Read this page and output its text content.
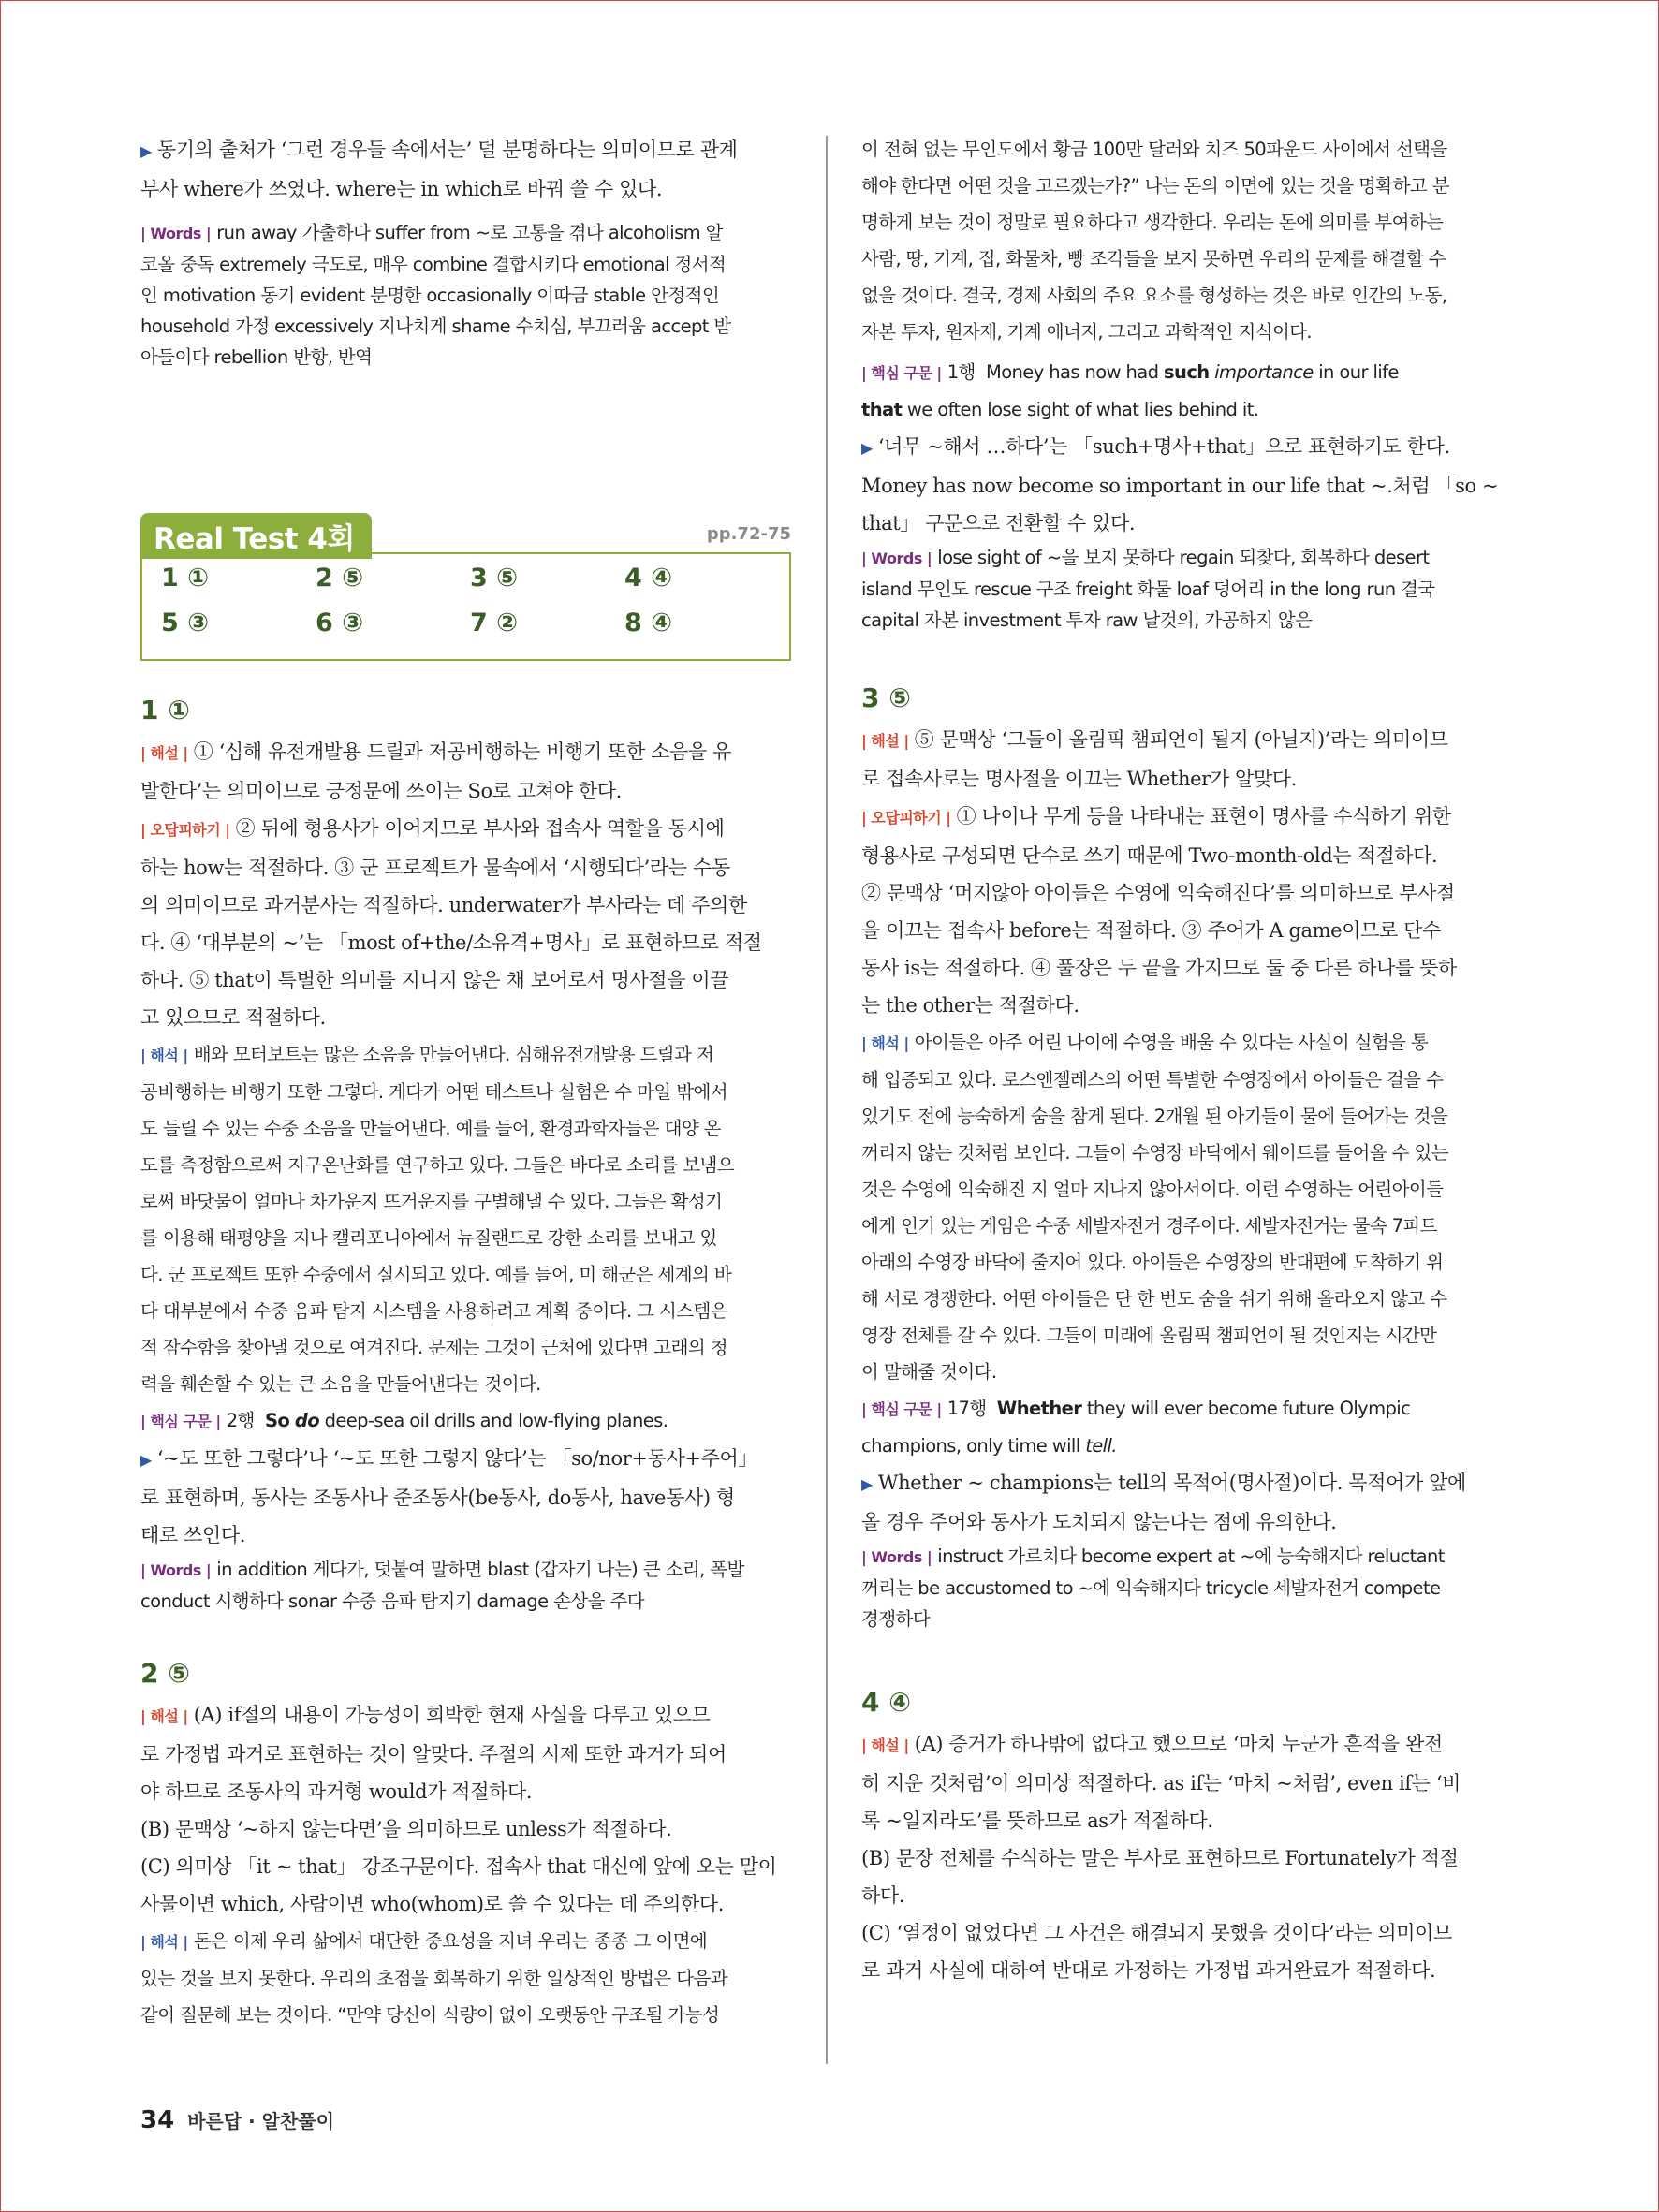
▶ 동기의 출처가 ‘그런 경우들 속에서는’ 덜 분명하다는 의미이므로 관계

부사 where가 쓰였다. where는 in which로 바꿔 쓸 수 있다.

| Words | run away 가출하다 suffer from ~로 고통을 겪다 alcoholism 알

코올 중독 extremely 극도로, 매우 combine 결합시키다 emotional 정서적

인 motivation 동기 evident 분명한 occasionally 이따금 stable 안정적인

household 가정 excessively 지나치게 shame 수치심, 부끄러움 accept 받

아들이다 rebellion 반항, 반역

Real Test 4회	pp.72-75
1 ①	2 ⑤	3 ⑤	4 ④
5 ③	6 ③	7 ②	8 ④
1 ①

| 해설 | ① ‘심해 유전개발용 드릴과 저공비행하는 비행기 또한 소음을 유

발한다’는 의미이므로 긍정문에 쓰이는 So로 고쳐야 한다.

| 오답피하기 | ② 뒤에 형용사가 이어지므로 부사와 접속사 역할을 동시에

하는 how는 적절하다. ③ 군 프로젝트가 물속에서 ‘시행되다’라는 수동

의 의미이므로 과거분사는 적절하다. underwater가 부사라는 데 주의한

다. ④ ‘대부분의 ~’는 「most of+the/소유격+명사」로 표현하므로 적절

하다. ⑤ that이 특별한 의미를 지니지 않은 채 보어로서 명사절을 이끌

고 있으므로 적절하다.

| 해석 | 배와 모터보트는 많은 소음을 만들어낸다. 심해유전개발용 드릴과 저

공비행하는 비행기 또한 그렇다. 게다가 어떤 테스트나 실험은 수 마일 밖에서

도 들릴 수 있는 수중 소음을 만들어낸다. 예를 들어, 환경과학자들은 대양 온

도를 측정함으로써 지구온난화를 연구하고 있다. 그들은 바다로 소리를 보냄으

로써 바닷물이 얼마나 차가운지 뜨거운지를 구별해낼 수 있다. 그들은 확성기

를 이용해 태평양을 지나 캘리포니아에서 뉴질랜드로 강한 소리를 보내고 있

다. 군 프로젝트 또한 수중에서 실시되고 있다. 예를 들어, 미 해군은 세계의 바

다 대부분에서 수중 음파 탐지 시스템을 사용하려고 계획 중이다. 그 시스템은

적 잠수함을 찾아낼 것으로 여겨진다. 문제는 그것이 근처에 있다면 고래의 청

력을 훼손할 수 있는 큰 소음을 만들어낸다는 것이다.

| 핵심 구문 | 2행 So do deep-sea oil drills and low-flying planes.

▶ ‘~도 또한 그렇다’나 ‘~도 또한 그렇지 않다’는 「so/nor+동사+주어」

로 표현하며, 동사는 조동사나 준조동사(be동사, do동사, have동사) 형

태로 쓰인다.

| Words | in addition 게다가, 덧붙여 말하면 blast (갑자기 나는) 큰 소리, 폭발

conduct 시행하다 sonar 수중 음파 탐지기 damage 손상을 주다

2 ⑤

| 해설 | (A) if절의 내용이 가능성이 희박한 현재 사실을 다루고 있으므

로 가정법 과거로 표현하는 것이 알맞다. 주절의 시제 또한 과거가 되어

야 하므로 조동사의 과거형 would가 적절하다.

(B) 문맥상 ‘~하지 않는다면’을 의미하므로 unless가 적절하다.

(C) 의미상 「it ~ that」 강조구문이다. 접속사 that 대신에 앞에 오는 말이

사물이면 which, 사람이면 who(whom)로 쓸 수 있다는 데 주의한다.

| 해석 | 돈은 이제 우리 삶에서 대단한 중요성을 지녀 우리는 종종 그 이면에

있는 것을 보지 못한다. 우리의 초점을 회복하기 위한 일상적인 방법은 다음과

같이 질문해 보는 것이다. “만약 당신이 식량이 없이 오랫동안 구조될 가능성

이 전혀 없는 무인도에서 황금 100만 달러와 치즈 50파운드 사이에서 선택을

해야 한다면 어떤 것을 고르겠는가?” 나는 돈의 이면에 있는 것을 명확하고 분

명하게 보는 것이 정말로 필요하다고 생각한다. 우리는 돈에 의미를 부여하는

사람, 땅, 기계, 집, 화물차, 빵 조각들을 보지 못하면 우리의 문제를 해결할 수

없을 것이다. 결국, 경제 사회의 주요 요소를 형성하는 것은 바로 인간의 노동,

자본 투자, 원자재, 기계 에너지, 그리고 과학적인 지식이다.

| 핵심 구문 | 1행 Money has now had such importance in our life

that we often lose sight of what lies behind it.

▶ ‘너무 ~해서 …하다’는 「such+명사+that」으로 표현하기도 한다.

Money has now become so important in our life that ~.처럼 「so ~

that」 구문으로 전환할 수 있다.

| Words | lose sight of ~을 보지 못하다 regain 되찾다, 회복하다 desert

island 무인도 rescue 구조 freight 화물 loaf 덩어리 in the long run 결국

capital 자본 investment 투자 raw 날것의, 가공하지 않은

3 ⑤

| 해설 | ⑤ 문맥상 ‘그들이 올림픽 챔피언이 될지 (아닐지)’라는 의미이므

로 접속사로는 명사절을 이끄는 Whether가 알맞다.

| 오답피하기 | ① 나이나 무게 등을 나타내는 표현이 명사를 수식하기 위한

형용사로 구성되면 단수로 쓰기 때문에 Two-month-old는 적절하다.

② 문맥상 ‘머지않아 아이들은 수영에 익숙해진다’를 의미하므로 부사절

을 이끄는 접속사 before는 적절하다. ③ 주어가 A game이므로 단수

동사 is는 적절하다. ④ 풀장은 두 끝을 가지므로 둘 중 다른 하나를 뜻하

는 the other는 적절하다.

| 해석 | 아이들은 아주 어린 나이에 수영을 배울 수 있다는 사실이 실험을 통

해 입증되고 있다. 로스앤젤레스의 어떤 특별한 수영장에서 아이들은 걸을 수

있기도 전에 능숙하게 숨을 참게 된다. 2개월 된 아기들이 물에 들어가는 것을

꺼리지 않는 것처럼 보인다. 그들이 수영장 바닥에서 웨이트를 들어올 수 있는

것은 수영에 익숙해진 지 얼마 지나지 않아서이다. 이런 수영하는 어린아이들

에게 인기 있는 게임은 수중 세발자전거 경주이다. 세발자전거는 물속 7피트

아래의 수영장 바닥에 줄지어 있다. 아이들은 수영장의 반대편에 도착하기 위

해 서로 경쟁한다. 어떤 아이들은 단 한 번도 숨을 쉬기 위해 올라오지 않고 수

영장 전체를 갈 수 있다. 그들이 미래에 올림픽 챔피언이 될 것인지는 시간만

이 말해줄 것이다.

| 핵심 구문 | 17행 Whether they will ever become future Olympic

champions, only time will tell.

▶ Whether ~ champions는 tell의 목적어(명사절)이다. 목적어가 앞에

올 경우 주어와 동사가 도치되지 않는다는 점에 유의한다.

| Words | instruct 가르치다 become expert at ~에 능숙해지다 reluctant

꺼리는 be accustomed to ~에 익숙해지다 tricycle 세발자전거 compete

경쟁하다

4 ④

| 해설 | (A) 증거가 하나밖에 없다고 했으므로 ‘마치 누군가 흔적을 완전

히 지운 것처럼’이 의미상 적절하다. as if는 ‘마치 ~처럼’, even if는 ‘비

록 ~일지라도’를 뜻하므로 as가 적절하다.

(B) 문장 전체를 수식하는 말은 부사로 표현하므로 Fortunately가 적절

하다.

(C) ‘열정이 없었다면 그 사건은 해결되지 못했을 것이다’라는 의미이므

로 과거 사실에 대하여 반대로 가정하는 가정법 과거완료가 적절하다.

34 바른답 · 알찬풀이
